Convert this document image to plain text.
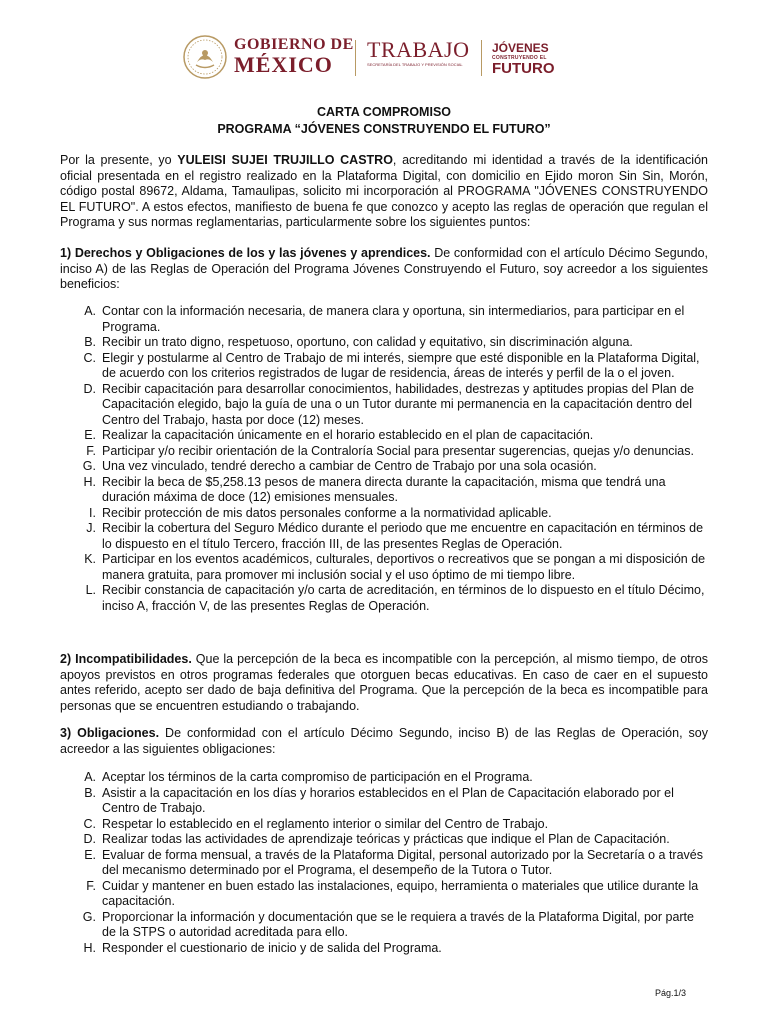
GOBIERNO DE
MÉXICO
TRABAJO
SECRETARÍA DEL TRABAJO Y PREVISIÓN SOCIAL
JÓVENES
CONSTRUYENDO EL
FUTURO
CARTA COMPROMISO
PROGRAMA “JÓVENES CONSTRUYENDO EL FUTURO”
Por la presente, yo YULEISI SUJEI TRUJILLO CASTRO, acreditando mi identidad a través de la identificación oficial presentada en el registro realizado en la Plataforma Digital, con domicilio en Ejido moron Sin Sin, Morón, código postal 89672, Aldama, Tamaulipas, solicito mi incorporación al PROGRAMA "JÓVENES CONSTRUYENDO EL FUTURO". A estos efectos, manifiesto de buena fe que conozco y acepto las reglas de operación que regulan el Programa y sus normas reglamentarias, particularmente sobre los siguientes puntos:
1) Derechos y Obligaciones de los y las jóvenes y aprendices. De conformidad con el artículo Décimo Segundo, inciso A) de las Reglas de Operación del Programa Jóvenes Construyendo el Futuro, soy acreedor a los siguientes beneficios:
A. Contar con la información necesaria, de manera clara y oportuna, sin intermediarios, para participar en el Programa.
B. Recibir un trato digno, respetuoso, oportuno, con calidad y equitativo, sin discriminación alguna.
C. Elegir y postularme al Centro de Trabajo de mi interés, siempre que esté disponible en la Plataforma Digital, de acuerdo con los criterios registrados de lugar de residencia, áreas de interés y perfil de la o el joven.
D. Recibir capacitación para desarrollar conocimientos, habilidades, destrezas y aptitudes propias del Plan de Capacitación elegido, bajo la guía de una o un Tutor durante mi permanencia en la capacitación dentro del Centro del Trabajo, hasta por doce (12) meses.
E. Realizar la capacitación únicamente en el horario establecido en el plan de capacitación.
F. Participar y/o recibir orientación de la Contraloría Social para presentar sugerencias, quejas y/o denuncias.
G. Una vez vinculado, tendré derecho a cambiar de Centro de Trabajo por una sola ocasión.
H. Recibir la beca de $5,258.13 pesos de manera directa durante la capacitación, misma que tendrá una duración máxima de doce (12) emisiones mensuales.
I. Recibir protección de mis datos personales conforme a la normatividad aplicable.
J. Recibir la cobertura del Seguro Médico durante el periodo que me encuentre en capacitación en términos de lo dispuesto en el título Tercero, fracción III, de las presentes Reglas de Operación.
K. Participar en los eventos académicos, culturales, deportivos o recreativos que se pongan a mi disposición de manera gratuita, para promover mi inclusión social y el uso óptimo de mi tiempo libre.
L. Recibir constancia de capacitación y/o carta de acreditación, en términos de lo dispuesto en el título Décimo, inciso A, fracción V, de las presentes Reglas de Operación.
2) Incompatibilidades. Que la percepción de la beca es incompatible con la percepción, al mismo tiempo, de otros apoyos previstos en otros programas federales que otorguen becas educativas. En caso de caer en el supuesto antes referido, acepto ser dado de baja definitiva del Programa. Que la percepción de la beca es incompatible para personas que se encuentren estudiando o trabajando.
3) Obligaciones. De conformidad con el artículo Décimo Segundo, inciso B) de las Reglas de Operación, soy acreedor a las siguientes obligaciones:
A. Aceptar los términos de la carta compromiso de participación en el Programa.
B. Asistir a la capacitación en los días y horarios establecidos en el Plan de Capacitación elaborado por el Centro de Trabajo.
C. Respetar lo establecido en el reglamento interior o similar del Centro de Trabajo.
D. Realizar todas las actividades de aprendizaje teóricas y prácticas que indique el Plan de Capacitación.
E. Evaluar de forma mensual, a través de la Plataforma Digital, personal autorizado por la Secretaría o a través del mecanismo determinado por el Programa, el desempeño de la Tutora o Tutor.
F. Cuidar y mantener en buen estado las instalaciones, equipo, herramienta o materiales que utilice durante la capacitación.
G. Proporcionar la información y documentación que se le requiera a través de la Plataforma Digital, por parte de la STPS o autoridad acreditada para ello.
H. Responder el cuestionario de inicio y de salida del Programa.
Pág.1/3
